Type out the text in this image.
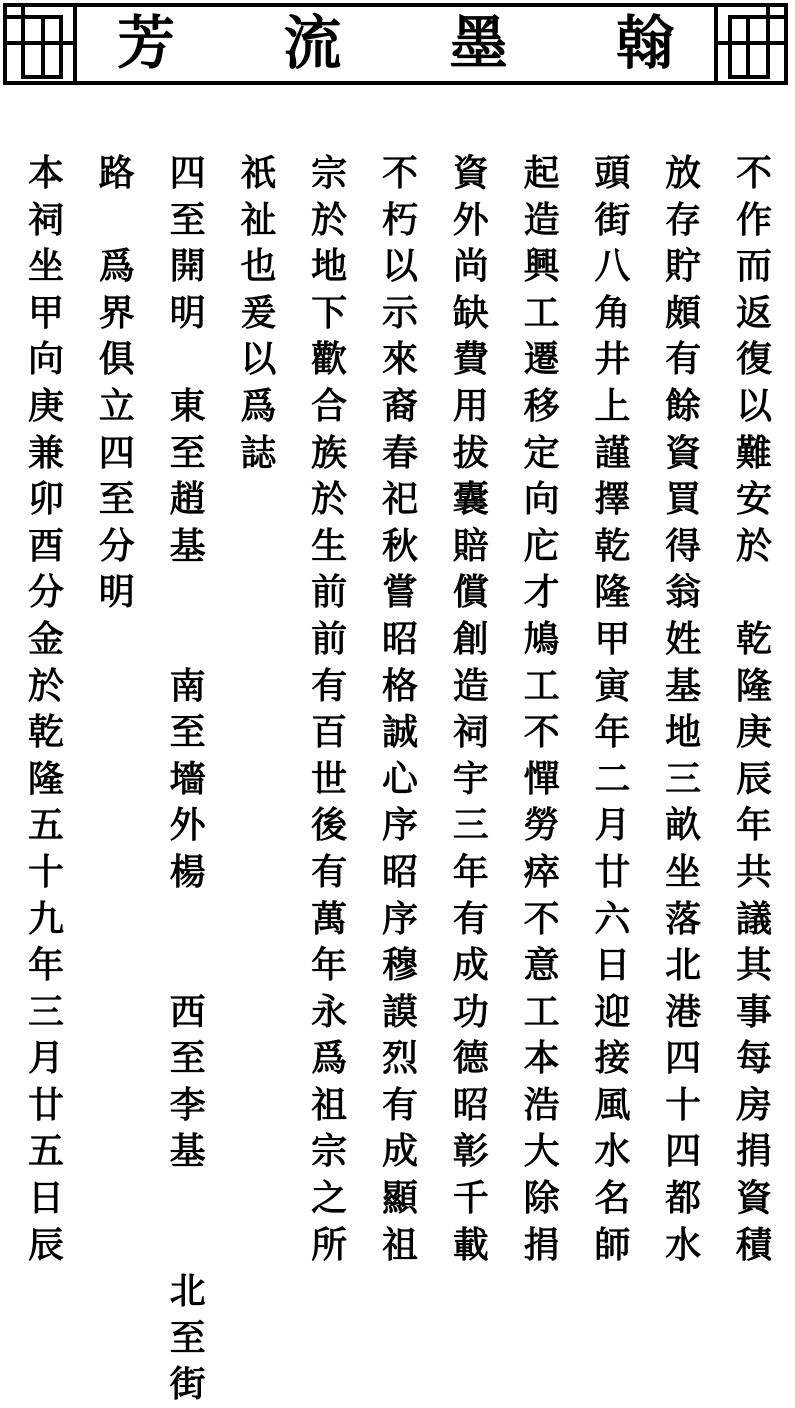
芳 流 墨 翰
不
作
而
返
復
以
難
安
於

乾
隆
庚
辰
年
共
議
其
事
每
房
捐
資
積
放
存
貯
頗
有
餘
資
買
得
翁
姓
基
地
三
畝
坐
落
北
港
四
十
四
都
水
頭
街
八
角
井
上
謹
擇
乾
隆
甲
寅
年
二
月
廿
六
日
迎
接
風
水
名
師
起
造
興
工
遷
移
定
向
庀
才
鳩
工
不
憚
勞
瘁
不
意
工
本
浩
大
除
捐
資
外
尚
缺
費
用
拔
囊
賠
償
創
造
祠
宇
三
年
有
成
功
德
昭
彰
千
載
不
朽
以
示
來
裔
春
祀
秋
嘗
昭
格
誠
心
序
昭
序
穆
謨
烈
有
成
顯
祖
宗
於
地
下
歡
合
族
於
生
前
前
有
百
世
後
有
萬
年
永
爲
祖
宗
之
所
祇
祉
也
爰
以
爲
誌
四
至
開
明

東
至
趙
基

南
至
墻
外
楊

西
至
李
基

北
至
街
路

爲
界
俱
立
四
至
分
明
本
祠
坐
甲
向
庚
兼
卯
酉
分
金
於
乾
隆
五
十
九
年
三
月
廿
五
日
辰
